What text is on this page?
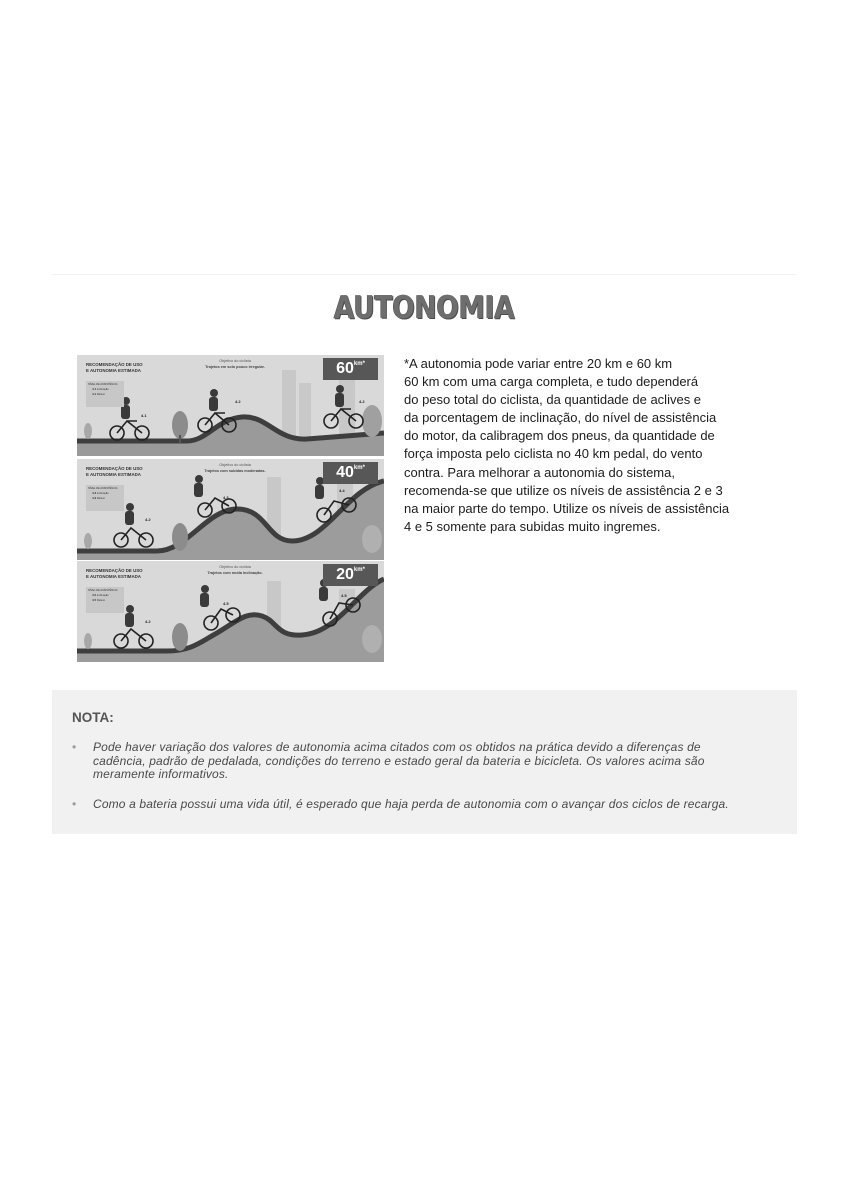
AUTONOMIA
RECOMENDAÇÃO DE USO
E AUTONOMIA ESTIMADA
NÍVEL DE ASSISTÊNCIA
4.1 Inclinação
4.1 Relevo
Objetivo do ciclista
Trajetos em solo pouco irregular.	$60^{km*}$
4.1
4.2	4.2
RECOMENDAÇÃO DE USO
E AUTONOMIA ESTIMADA
NÍVEL DE ASSISTÊNCIA
4.3 Inclinação
4.3 Relevo
Objetivo do ciclista
Trajetos com subidas moderadas.	$40^{km*}$
4.2
4.3
4.4
RECOMENDAÇÃO DE USO
E AUTONOMIA ESTIMADA
NÍVEL DE ASSISTÊNCIA
4.5 Inclinação
4.5 Relevo
Objetivo do ciclista
Trajetos com muita inclinação.	$20^{km*}$
4.2
4.5
4.5
*A autonomia pode variar entre 20 km e 60 km
60 km com uma carga completa, e tudo dependerá
do peso total do ciclista, da quantidade de aclives e
da porcentagem de inclinação, do nível de assistência
do motor, da calibragem dos pneus, da quantidade de
força imposta pelo ciclista no 40 km pedal, do vento
contra. Para melhorar a autonomia do sistema,
recomenda-se que utilize os níveis de assistência 2 e 3
na maior parte do tempo. Utilize os níveis de assistência
4 e 5 somente para subidas muito ingremes.
NOTA:
• Pode haver variação dos valores de autonomia acima citados com os obtidos na prática devido a diferenças de
cadência, padrão de pedalada, condições do terreno e estado geral da bateria e bicicleta. Os valores acima são
meramente informativos.
• Como a bateria possui uma vida útil, é esperado que haja perda de autonomia com o avançar dos ciclos de recarga.
